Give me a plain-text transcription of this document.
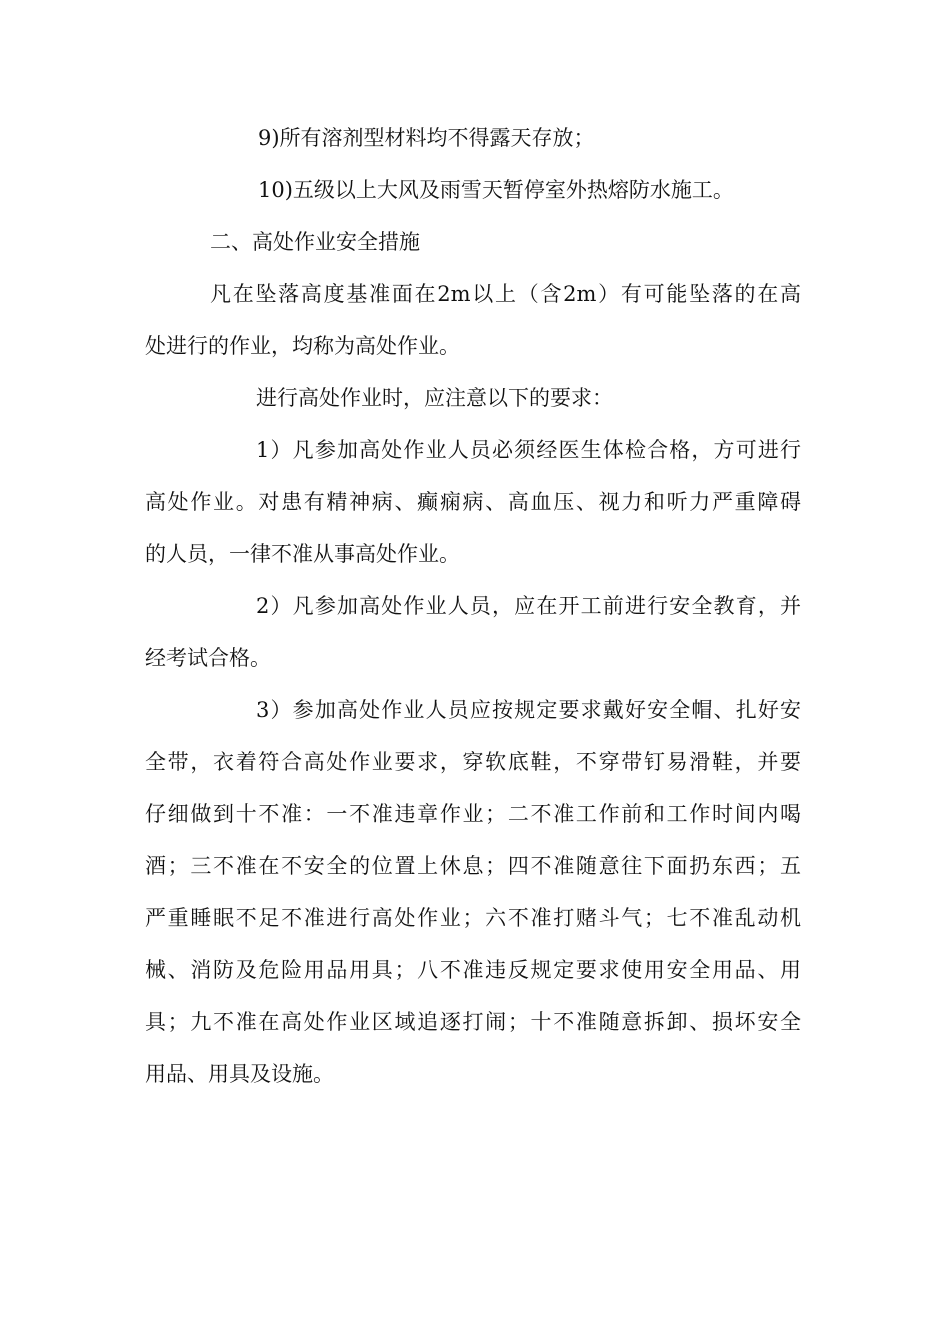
9)所有溶剂型材料均不得露天存放；
10)五级以上大风及雨雪天暂停室外热熔防水施工。
二、高处作业安全措施
凡在坠落高度基准面在2m以上（含2m）有可能坠落的在高
处进行的作业，均称为高处作业。
进行高处作业时，应注意以下的要求：
1）凡参加高处作业人员必须经医生体检合格，方可进行
高处作业。对患有精神病、癫痫病、高血压、视力和听力严重障碍
的人员，一律不准从事高处作业。
2）凡参加高处作业人员，应在开工前进行安全教育，并
经考试合格。
3）参加高处作业人员应按规定要求戴好安全帽、扎好安
全带，衣着符合高处作业要求，穿软底鞋，不穿带钉易滑鞋，并要
仔细做到十不准：一不准违章作业；二不准工作前和工作时间内喝
酒；三不准在不安全的位置上休息；四不准随意往下面扔东西；五
严重睡眠不足不准进行高处作业；六不准打赌斗气；七不准乱动机
械、消防及危险用品用具；八不准违反规定要求使用安全用品、用
具；九不准在高处作业区域追逐打闹；十不准随意拆卸、损坏安全
用品、用具及设施。
